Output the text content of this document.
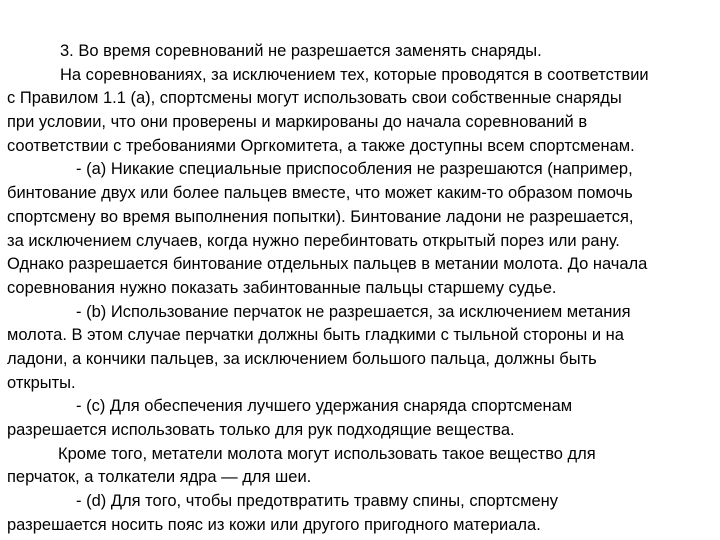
3. Во время соревнований не разрешается заменять снаряды.
На соревнованиях, за исключением тех, которые проводятся в соответствии
с Правилом 1.1 (а), спортсмены могут использовать свои собственные снаряды
при условии, что они проверены и маркированы до начала соревнований в
соответствии с требованиями Оргкомитета, а также доступны всем спортсменам.
- (а) Никакие специальные приспособления не разрешаются (например,
бинтование двух или более пальцев вместе, что может каким-то образом помочь
спортсмену во время выполнения попытки). Бинтование ладони не разрешается,
за исключением случаев, когда нужно перебинтовать открытый порез или рану.
Однако разрешается бинтование отдельных пальцев в метании молота. До начала
соревнования нужно показать забинтованные пальцы старшему судье.
- (b) Использование перчаток не разрешается, за исключением метания
молота. В этом случае перчатки должны быть гладкими с тыльной стороны и на
ладони, а кончики пальцев, за исключением большого пальца, должны быть
открыты.
- (с) Для обеспечения лучшего удержания снаряда спортсменам
разрешается использовать только для рук подходящие вещества.
Кроме того, метатели молота могут использовать такое вещество для
перчаток, а толкатели ядра — для шеи.
- (d) Для того, чтобы предотвратить травму спины, спортсмену
разрешается носить пояс из кожи или другого пригодного материала.
